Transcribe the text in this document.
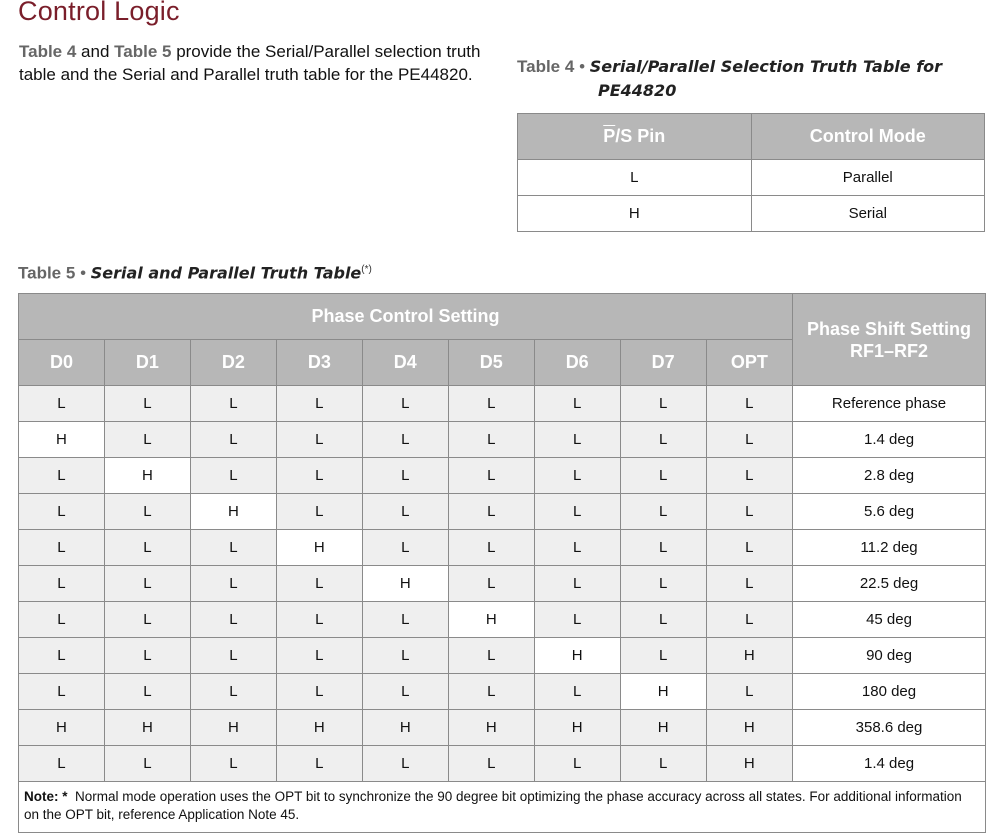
Control Logic
Table 4 and Table 5 provide the Serial/Parallel selection truth table and the Serial and Parallel truth table for the PE44820.	Table 4 • Serial/Parallel Selection Truth Table for
PE44820
$\overline{P}/S$ Pin	Control Mode
L	Parallel
H	Serial
Table 5 • Serial and Parallel Truth Table(*)
Phase Control Setting									Phase Shift Setting
RF1–RF2
D0	D1	D2	D3	D4	D5	D6	D7	OPT	
L	L	L	L	L	L	L	L	L	Reference phase
H	L	L	L	L	L	L	L	L	1.4 deg
L	H	L	L	L	L	L	L	L	2.8 deg
L	L	H	L	L	L	L	L	L	5.6 deg
L	L	L	H	L	L	L	L	L	11.2 deg
L	L	L	L	H	L	L	L	L	22.5 deg
L	L	L	L	L	H	L	L	L	45 deg
L	L	L	L	L	L	H	L	H	90 deg
L	L	L	L	L	L	L	H	L	180 deg
H	H	H	H	H	H	H	H	H	358.6 deg
L	L	L	L	L	L	L	L	H	1.4 deg
Note: * Normal mode operation uses the OPT bit to synchronize the 90 degree bit optimizing the phase accuracy across all states. For additional information on the OPT bit, reference Application Note 45.									
